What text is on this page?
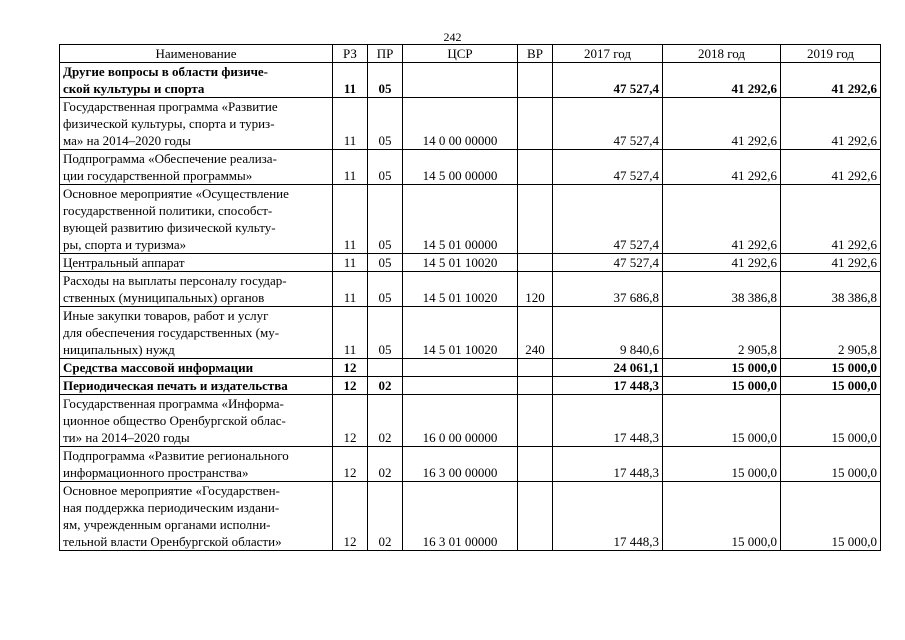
242
Наименование	РЗ	ПР	ЦСР	ВР	2017 год	2018 год	2019 год
Другие вопросы в области физиче-
ской культуры и спорта	11	05			47 527,4	41 292,6	41 292,6
Государственная программа «Развитие
физической культуры, спорта и туриз-
ма» на 2014–2020 годы	11	05	14 0 00 00000		47 527,4	41 292,6	41 292,6
Подпрограмма «Обеспечение реализа-
ции государственной программы»	11	05	14 5 00 00000		47 527,4	41 292,6	41 292,6
Основное мероприятие «Осуществление
государственной политики, способст-
вующей развитию физической культу-
ры, спорта и туризма»	11	05	14 5 01 00000		47 527,4	41 292,6	41 292,6
Центральный аппарат	11	05	14 5 01 10020		47 527,4	41 292,6	41 292,6
Расходы на выплаты персоналу государ-
ственных (муниципальных) органов	11	05	14 5 01 10020	120	37 686,8	38 386,8	38 386,8
Иные закупки товаров, работ и услуг
для обеспечения государственных (му-
ниципальных) нужд	11	05	14 5 01 10020	240	9 840,6	2 905,8	2 905,8
Средства массовой информации	12				24 061,1	15 000,0	15 000,0
Периодическая печать и издательства	12	02			17 448,3	15 000,0	15 000,0
Государственная программа «Информа-
ционное общество Оренбургской облас-
ти» на 2014–2020 годы	12	02	16 0 00 00000		17 448,3	15 000,0	15 000,0
Подпрограмма «Развитие регионального
информационного пространства»	12	02	16 3 00 00000		17 448,3	15 000,0	15 000,0
Основное мероприятие «Государствен-
ная поддержка периодическим издани-
ям, учрежденным органами исполни-
тельной власти Оренбургской области»	12	02	16 3 01 00000		17 448,3	15 000,0	15 000,0
